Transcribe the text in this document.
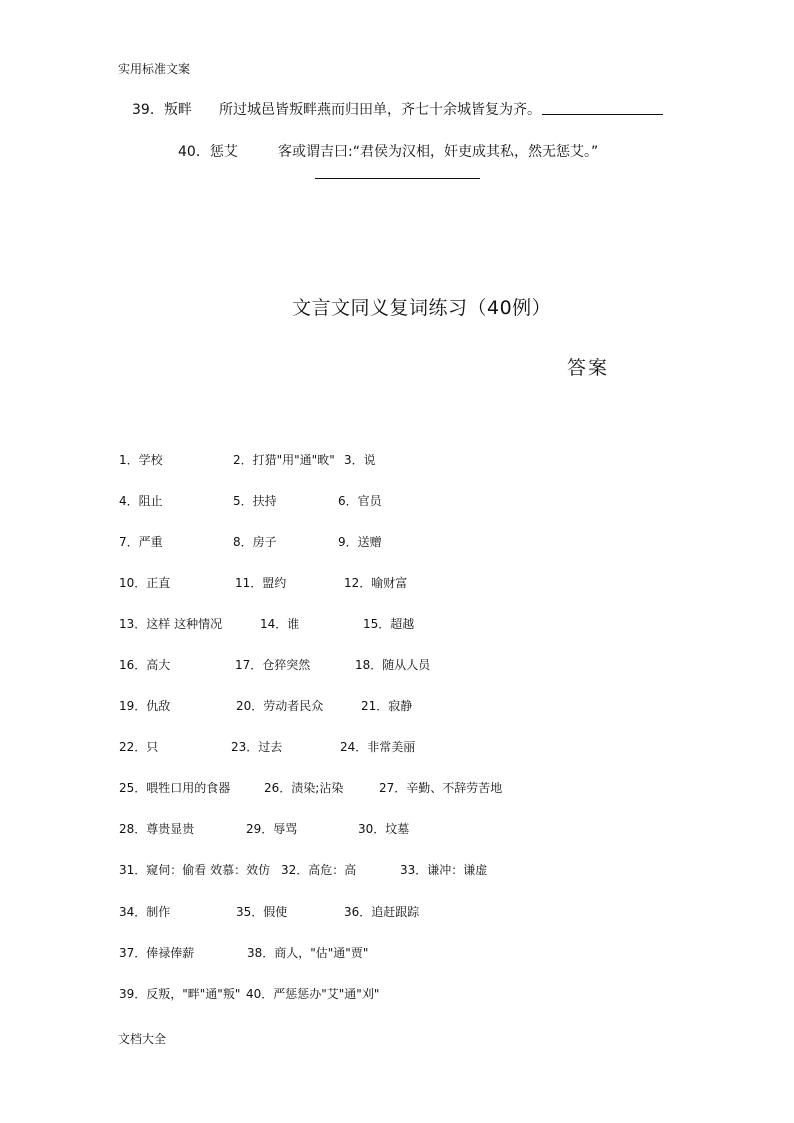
实用标准文案
39．叛畔 所过城邑皆叛畔燕而归田单，齐七十余城皆复为齐。
40．惩艾	客或谓吉曰:“君侯为汉相，奸吏成其私，然无惩艾。”
文言文同义复词练习（40例）
答案
1．学校	2．打猎"用"通"畋" 3．说
4．阻止	5．扶持	6．官员
7．严重	8．房子	9．送赠
10．正直	11．盟约	12．喻财富
13．这样 这种情况	14．谁	15．超越
16．高大	17．仓猝突然	18．随从人员
19．仇敌	20．劳动者民众	21．寂静
22．只	23．过去	24．非常美丽
25．喂牲口用的食器	26．渍染;沾染	27．辛勤、不辞劳苦地
28．尊贵显贵	29．辱骂	30．坟墓
31．窥伺：偷看 效慕：效仿 32．高危：高	33．谦冲：谦虚
34．制作	35．假使	36．追赶跟踪
37．俸禄俸薪	38．商人，"估"通"贾"
39．反叛，"畔"通"叛" 40．严惩惩办"艾"通"刈"
文档大全
